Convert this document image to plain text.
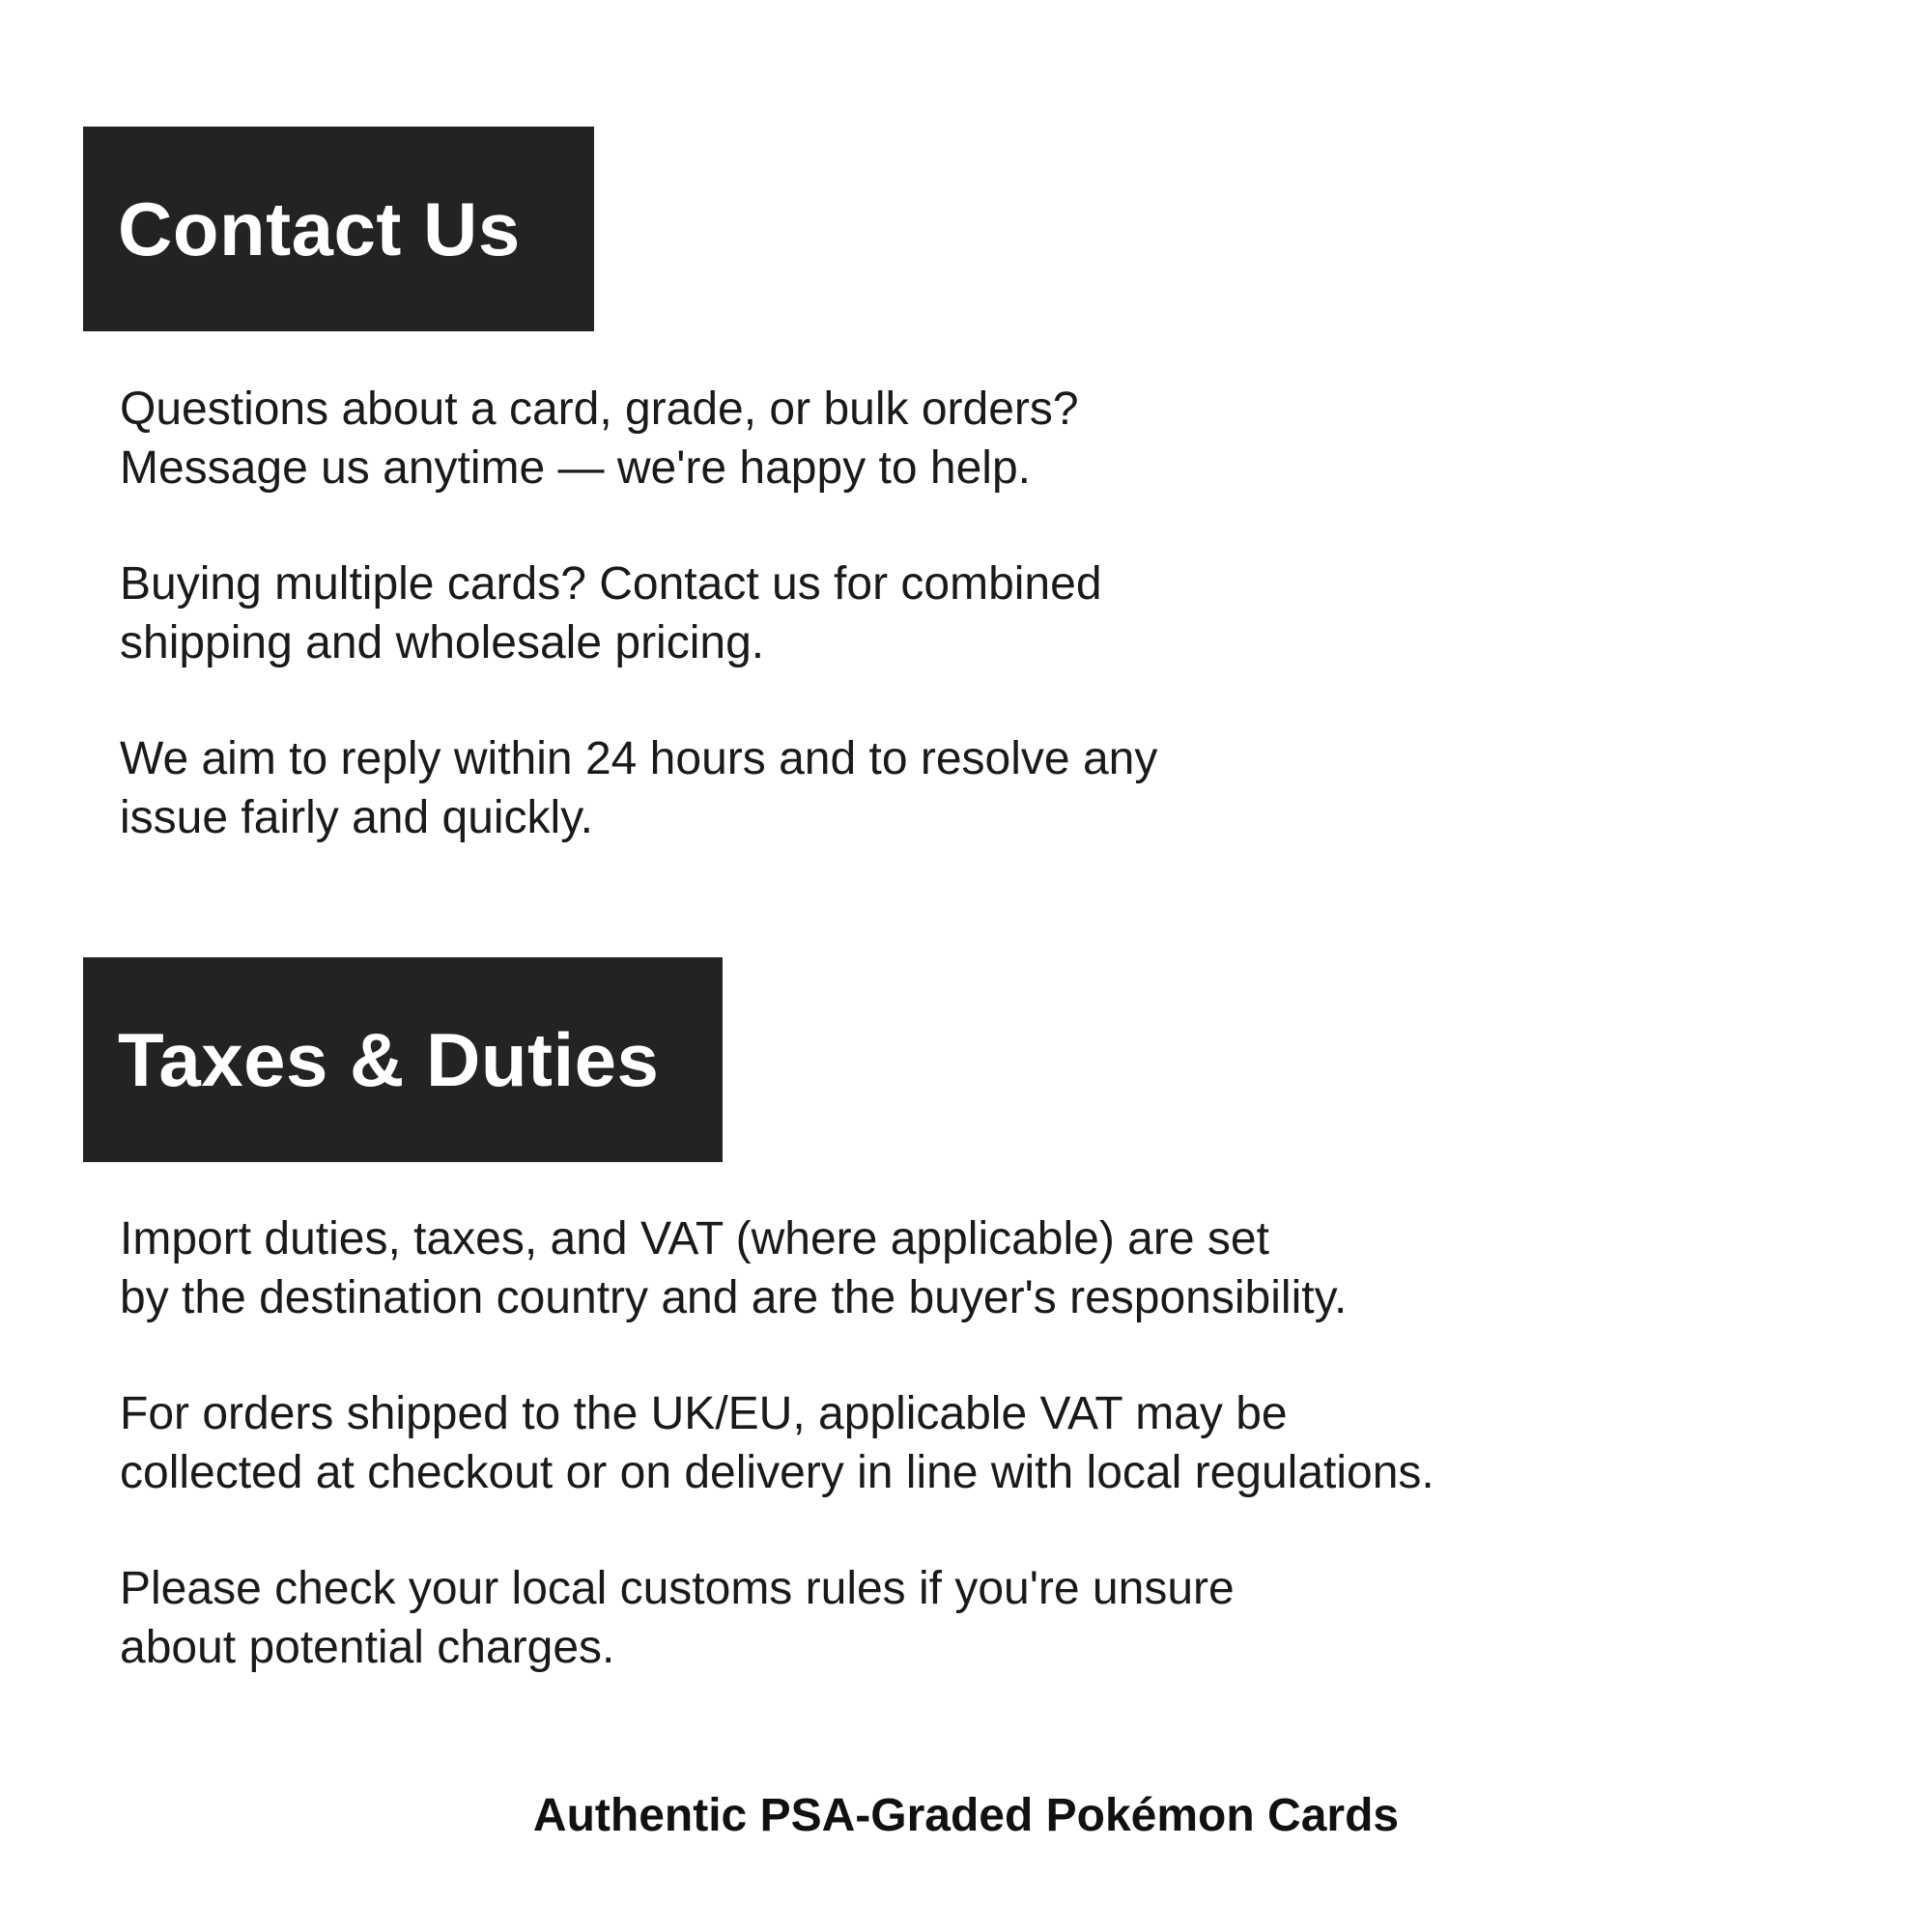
Contact Us

Questions about a card, grade, or bulk orders?
Message us anytime — we're happy to help.

Buying multiple cards? Contact us for combined
shipping and wholesale pricing.

We aim to reply within 24 hours and to resolve any
issue fairly and quickly.

Taxes & Duties

Import duties, taxes, and VAT (where applicable) are set
by the destination country and are the buyer's responsibility.

For orders shipped to the UK/EU, applicable VAT may be
collected at checkout or on delivery in line with local regulations.

Please check your local customs rules if you're unsure
about potential charges.

Authentic PSA-Graded Pokémon Cards
